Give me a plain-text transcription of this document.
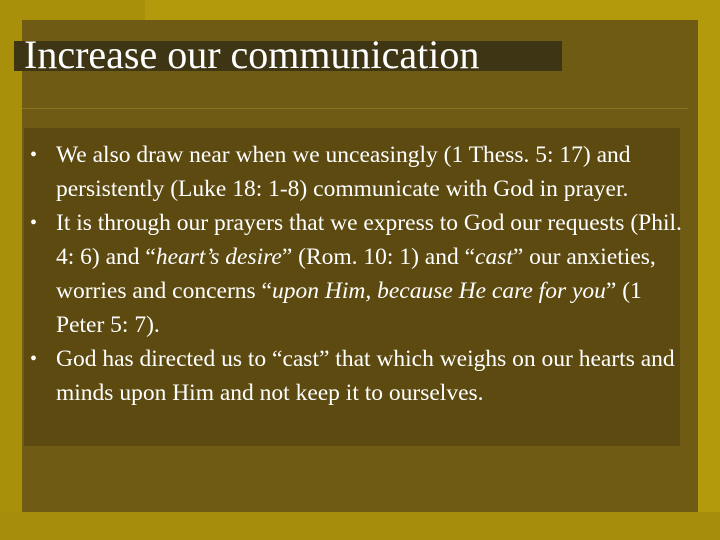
Increase our communication
• We also draw near when we unceasingly (1 Thess. 5: 17) and persistently (Luke 18: 1-8) communicate with God in prayer.
• It is through our prayers that we express to God our requests (Phil. 4: 6) and “heart’s desire” (Rom. 10: 1) and “cast” our anxieties, worries and concerns “upon Him, because He care for you” (1 Peter 5: 7).
• God has directed us to “cast” that which weighs on our hearts and minds upon Him and not keep it to ourselves.
